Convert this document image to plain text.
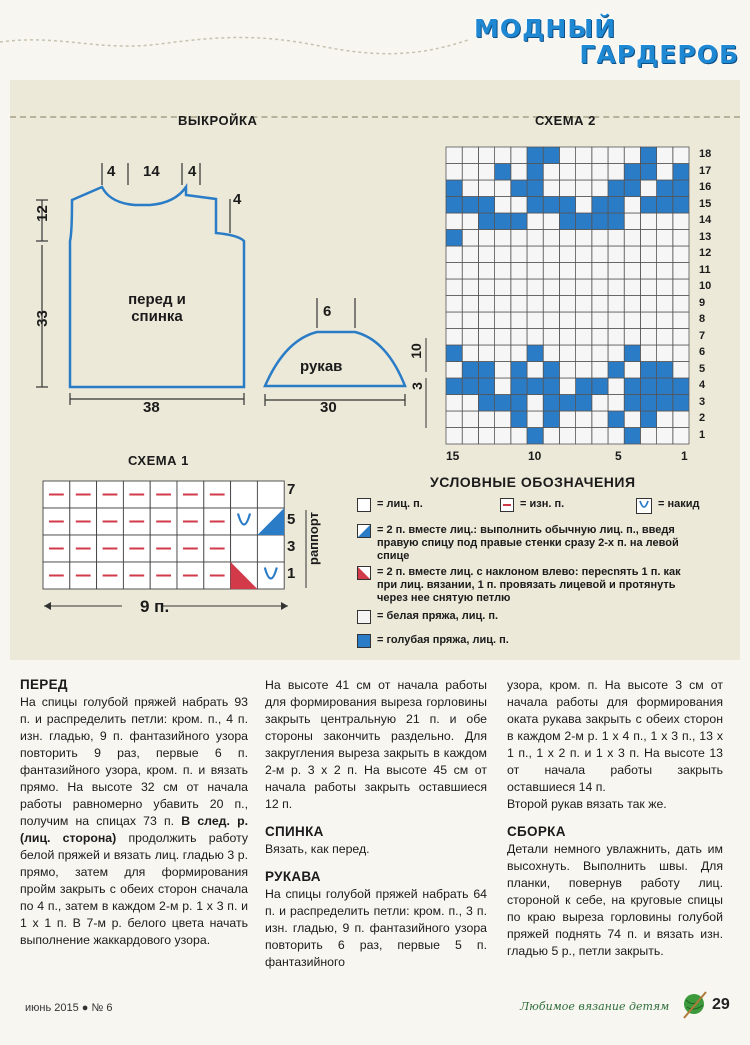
МОДНЫЙ
ГАРДЕРОБ
ВЫКРОЙКА
4 14 4
4
12
33
перед и
спинка
38
6
рукав
30
СХЕМА 2
18
17
16
15
14
13
12
11
10
9
8
7
6
5
4
3
2
1
15	10	5	1
10
3
СХЕМА 1
7
5
3
1
раппорт
9 п.
УСЛОВНЫЕ ОБОЗНАЧЕНИЯ
= лиц. п.	= изн. п.	= накид
= 2 п. вместе лиц.: выполнить обычную лиц. п., введя правую спицу под правые стенки сразу 2-х п. на левой спице
= 2 п. вместе лиц. с наклоном влево: пересnять 1 п. как при лиц. вязании, 1 п. провязать лицевой и протянуть через нее снятую петлю
= белая пряжа, лиц. п.
= голубая пряжа, лиц. п.
ПЕРЕД

На спицы голубой пряжей набрать 93 п. и распределить петли: кром. п., 4 п. изн. гладью, 9 п. фантазийного узора повторить 9 раз, первые 6 п. фантазийного узора, кром. п. и вязать прямо. На высоте 32 см от начала работы равномерно убавить 20 п., получим на спицах 73 п. В след. р. (лиц. сторона) продолжить работу белой пряжей и вязать лиц. гладью 3 р. прямо, затем для формирования пройм закрыть с обеих сторон сначала по 4 п., затем в каждом 2-м р. 1 х 3 п. и 1 х 1 п. В 7-м р. белого цвета начать выполнение жаккардового узора.

На высоте 41 см от начала работы для формирования выреза горловины закрыть центральную 21 п. и обе стороны закончить раздельно. Для закругления выреза закрыть в каждом 2-м р. 3 х 2 п. На высоте 45 см от начала работы закрыть оставшиеся 12 п.

СПИНКА

Вязать, как перед.

РУКАВА

На спицы голубой пряжей набрать 64 п. и распределить петли: кром. п., 3 п. изн. гладью, 9 п. фантазийного узора повторить 6 раз, первые 5 п. фантазийного

узора, кром. п. На высоте 3 см от начала работы для формирования оката рукава закрыть с обеих сторон в каждом 2-м р. 1 х 4 п., 1 х 3 п., 13 х 1 п., 1 х 2 п. и 1 х 3 п. На высоте 13 от начала работы закрыть оставшиеся 14 п.

Второй рукав вязать так же.

СБОРКА

Детали немного увлажнить, дать им высохнуть. Выполнить швы. Для планки, повернув работу лиц. стороной к себе, на круговые спицы по краю выреза горловины голубой пряжей поднять 74 п. и вязать изн. гладью 5 р., петли закрыть.

июнь 2015 ● № 6	Любимое вязание детям	29
